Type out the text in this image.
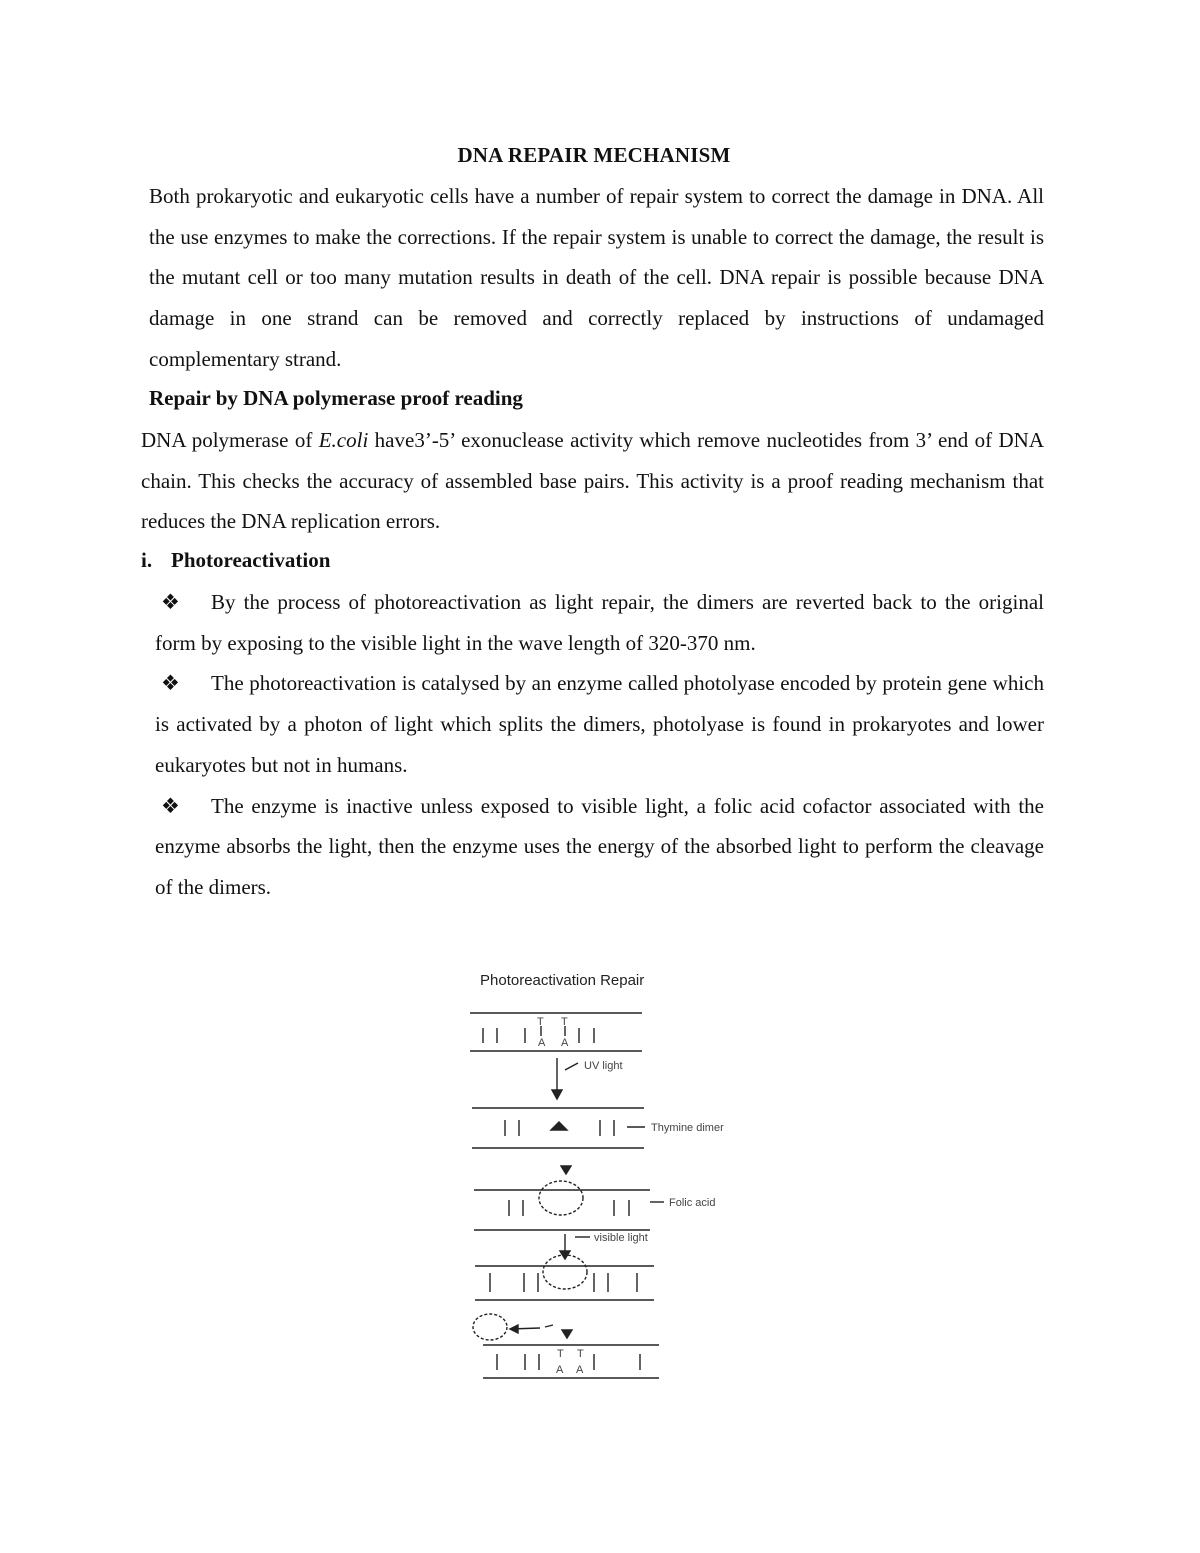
DNA REPAIR MECHANISM
Both prokaryotic and eukaryotic cells have a number of repair system to correct the damage in DNA. All the use enzymes to make the corrections. If the repair system is unable to correct the damage, the result is the mutant cell or too many mutation results in death of the cell. DNA repair is possible because DNA damage in one strand can be removed and correctly replaced by instructions of undamaged complementary strand.
Repair by DNA polymerase proof reading
DNA polymerase of E.coli have3’-5’ exonuclease activity which remove nucleotides from 3’ end of DNA chain. This checks the accuracy of assembled base pairs. This activity is a proof reading mechanism that reduces the DNA replication errors.
i. Photoreactivation

❖ By the process of photoreactivation as light repair, the dimers are reverted back to the original form by exposing to the visible light in the wave length of 320-370 nm.

❖ The photoreactivation is catalysed by an enzyme called photolyase encoded by protein gene which is activated by a photon of light which splits the dimers, photolyase is found in prokaryotes and lower eukaryotes but not in humans.

❖ The enzyme is inactive unless exposed to visible light, a folic acid cofactor associated with the enzyme absorbs the light, then the enzyme uses the energy of the absorbed light to perform the cleavage of the dimers.

Photoreactivation Repair
UV light
Thymine dimer
Folic acid
visible light
T T
A A
A A
T T
